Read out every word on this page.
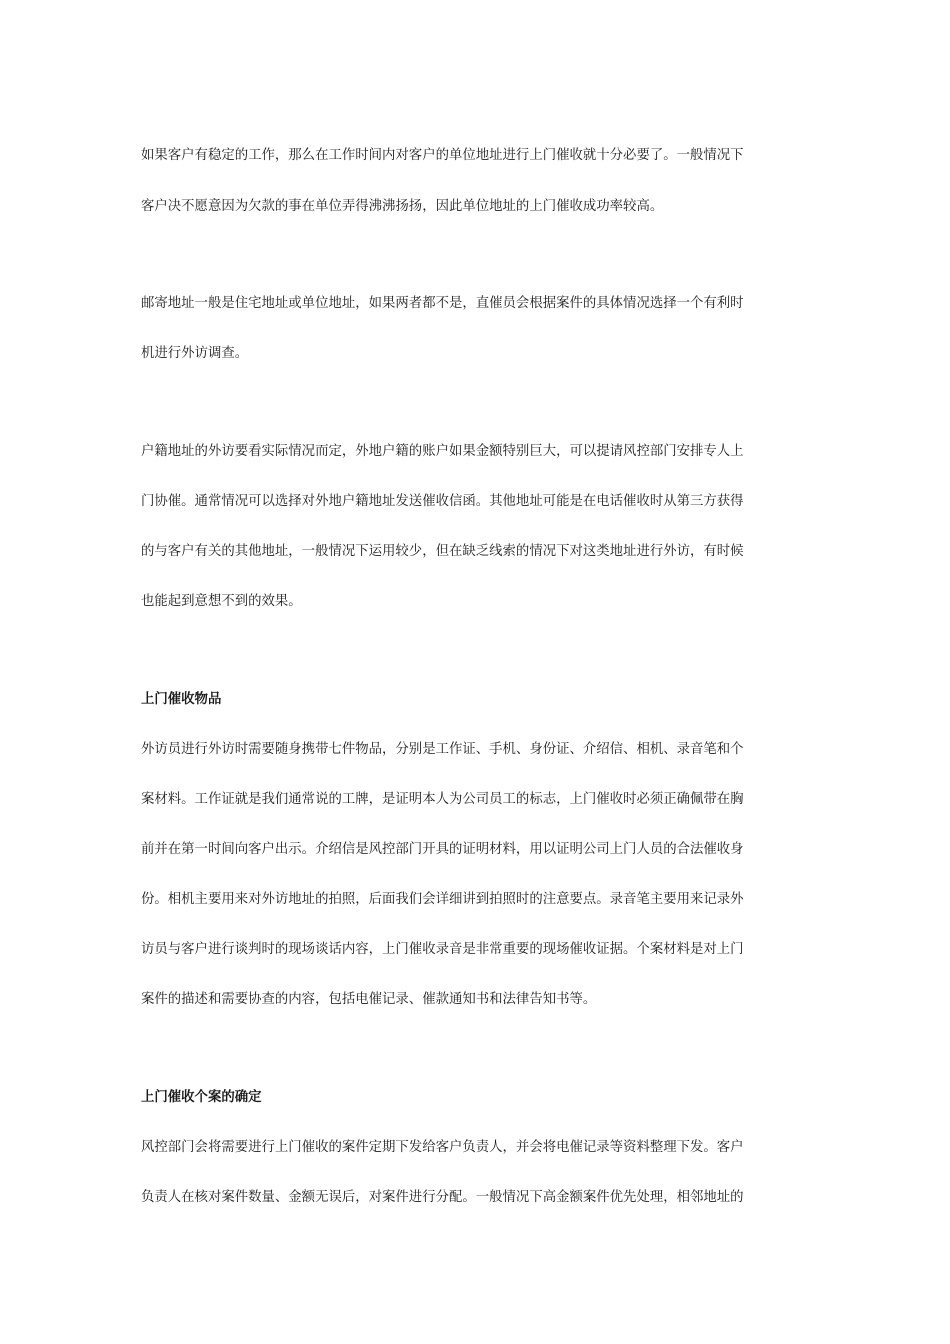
如果客户有稳定的工作，那么在工作时间内对客户的单位地址进行上门催收就十分必要了。一般情况下
客户决不愿意因为欠款的事在单位弄得沸沸扬扬，因此单位地址的上门催收成功率较高。
邮寄地址一般是住宅地址或单位地址，如果两者都不是，直催员会根据案件的具体情况选择一个有利时
机进行外访调查。
户籍地址的外访要看实际情况而定，外地户籍的账户如果金额特别巨大，可以提请风控部门安排专人上
门协催。通常情况可以选择对外地户籍地址发送催收信函。其他地址可能是在电话催收时从第三方获得
的与客户有关的其他地址，一般情况下运用较少，但在缺乏线索的情况下对这类地址进行外访，有时候
也能起到意想不到的效果。
上门催收物品
外访员进行外访时需要随身携带七件物品，分别是工作证、手机、身份证、介绍信、相机、录音笔和个
案材料。工作证就是我们通常说的工牌，是证明本人为公司员工的标志，上门催收时必须正确佩带在胸
前并在第一时间向客户出示。介绍信是风控部门开具的证明材料，用以证明公司上门人员的合法催收身
份。相机主要用来对外访地址的拍照，后面我们会详细讲到拍照时的注意要点。录音笔主要用来记录外
访员与客户进行谈判时的现场谈话内容，上门催收录音是非常重要的现场催收证据。个案材料是对上门
案件的描述和需要协查的内容，包括电催记录、催款通知书和法律告知书等。
上门催收个案的确定
风控部门会将需要进行上门催收的案件定期下发给客户负责人，并会将电催记录等资料整理下发。客户
负责人在核对案件数量、金额无误后，对案件进行分配。一般情况下高金额案件优先处理，相邻地址的
